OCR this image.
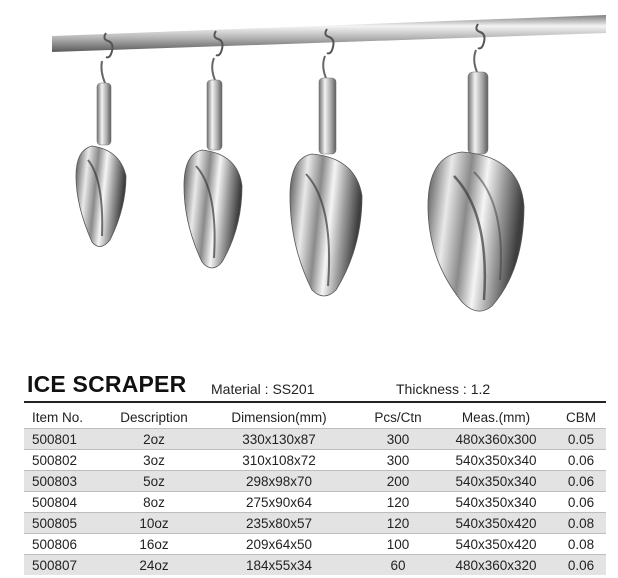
ICE SCRAPER Material : SS201	Thickness : 1.2
Item No.	Description	Dimension(mm)	Pcs/Ctn	Meas.(mm)	CBM
500801	2oz	330x130x87	300	480x360x300	0.05
500802	3oz	310x108x72	300	540x350x340	0.06
500803	5oz	298x98x70	200	540x350x340	0.06
500804	8oz	275x90x64	120	540x350x340	0.06
500805	10oz	235x80x57	120	540x350x420	0.08
500806	16oz	209x64x50	100	540x350x420	0.08
500807	24oz	184x55x34	60	480x360x320	0.06
